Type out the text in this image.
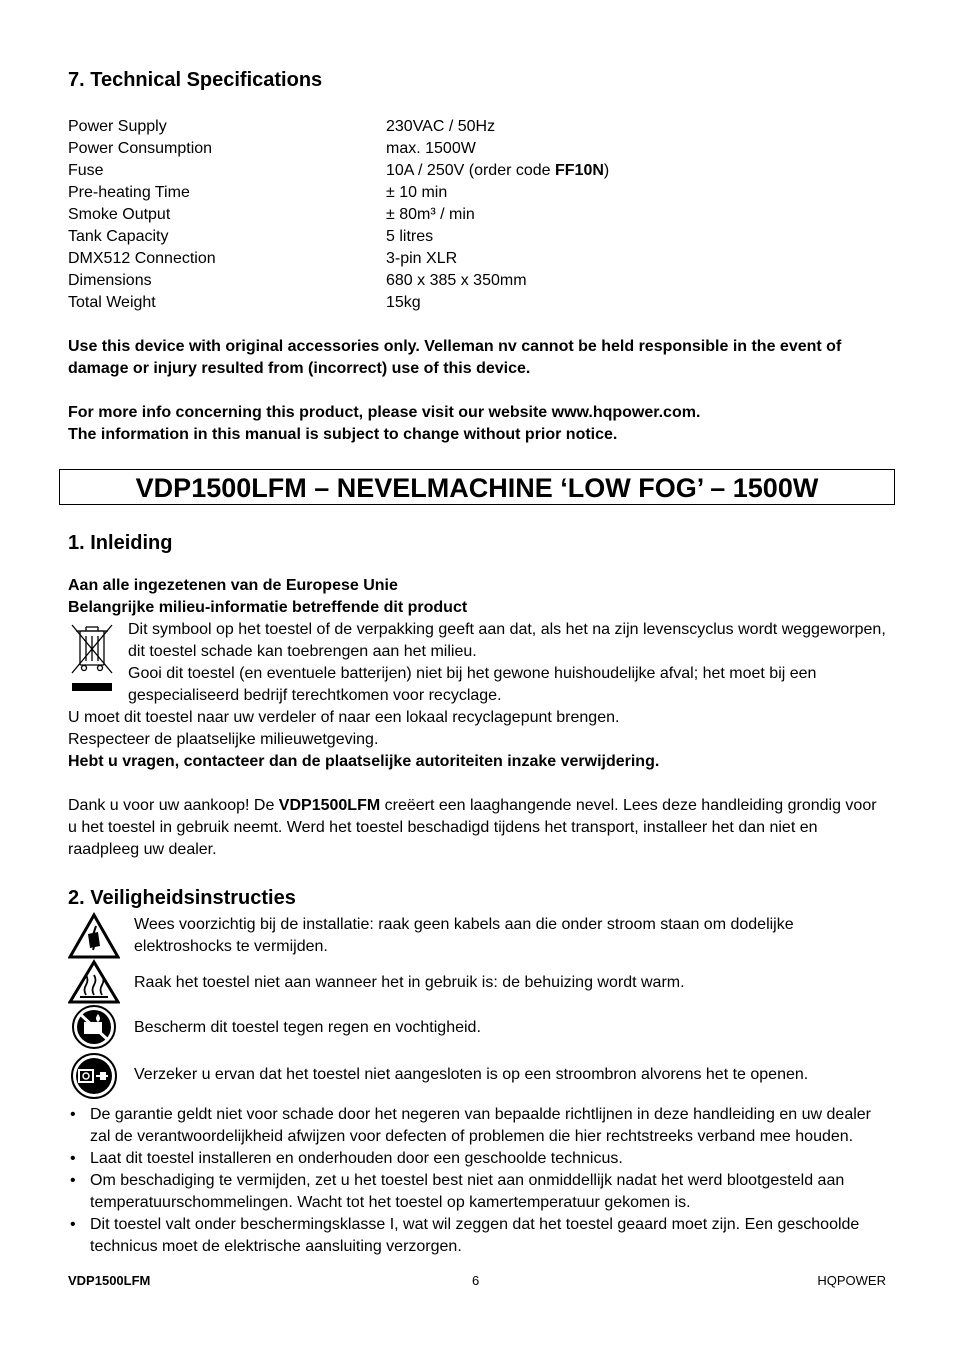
7. Technical Specifications
Power Supply	230VAC / 50Hz
Power Consumption	max. 1500W
Fuse	10A / 250V (order code FF10N)
Pre-heating Time	± 10 min
Smoke Output	± 80m³ / min
Tank Capacity	5 litres
DMX512 Connection	3-pin XLR
Dimensions	680 x 385 x 350mm
Total Weight	15kg
Use this device with original accessories only. Velleman nv cannot be held responsible in the event of damage or injury resulted from (incorrect) use of this device.
For more info concerning this product, please visit our website www.hqpower.com.
The information in this manual is subject to change without prior notice.
VDP1500LFM – NEVELMACHINE ‘LOW FOG’ – 1500W
1. Inleiding
Aan alle ingezetenen van de Europese Unie
Belangrijke milieu-informatie betreffende dit product
Dit symbool op het toestel of de verpakking geeft aan dat, als het na zijn levenscyclus wordt weggeworpen, dit toestel schade kan toebrengen aan het milieu.
Gooi dit toestel (en eventuele batterijen) niet bij het gewone huishoudelijke afval; het moet bij een gespecialiseerd bedrijf terechtkomen voor recyclage.
U moet dit toestel naar uw verdeler of naar een lokaal recyclagepunt brengen.
Respecteer de plaatselijke milieuwetgeving.
Hebt u vragen, contacteer dan de plaatselijke autoriteiten inzake verwijdering.
Dank u voor uw aankoop! De VDP1500LFM creëert een laaghangende nevel. Lees deze handleiding grondig voor u het toestel in gebruik neemt. Werd het toestel beschadigd tijdens het transport, installeer het dan niet en raadpleeg uw dealer.
2. Veiligheidsinstructies
Wees voorzichtig bij de installatie: raak geen kabels aan die onder stroom staan om dodelijke elektroshocks te vermijden.
Raak het toestel niet aan wanneer het in gebruik is: de behuizing wordt warm.
Bescherm dit toestel tegen regen en vochtigheid.
Verzeker u ervan dat het toestel niet aangesloten is op een stroombron alvorens het te openen.
• De garantie geldt niet voor schade door het negeren van bepaalde richtlijnen in deze handleiding en uw dealer zal de verantwoordelijkheid afwijzen voor defecten of problemen die hier rechtstreeks verband mee houden.
• Laat dit toestel installeren en onderhouden door een geschoolde technicus.
• Om beschadiging te vermijden, zet u het toestel best niet aan onmiddellijk nadat het werd blootgesteld aan temperatuurschommelingen. Wacht tot het toestel op kamertemperatuur gekomen is.
• Dit toestel valt onder beschermingsklasse I, wat wil zeggen dat het toestel geaard moet zijn. Een geschoolde technicus moet de elektrische aansluiting verzorgen.
VDP1500LFM	6	HQPOWER
